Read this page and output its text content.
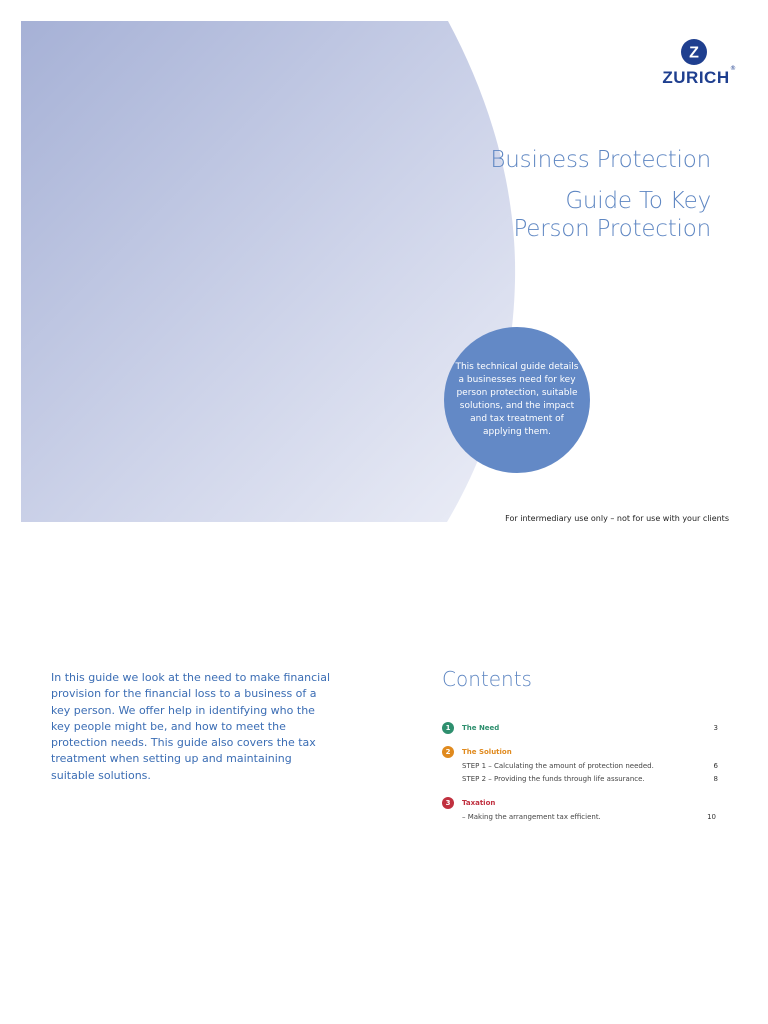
Business Protection
Guide To Key
Person Protection
This technical guide details a businesses need for key person protection, suitable solutions, and the impact and tax treatment of applying them.
Z
ZURICH ®
For intermediary use only – not for use with your clients
In this guide we look at the need to make financial provision for the financial loss to a business of a key person. We offer help in identifying who the key people might be, and how to meet the protection needs. This guide also covers the tax treatment when setting up and maintaining suitable solutions.
Contents
1	The Need	3
2	The Solution
STEP 1 – Calculating the amount of protection needed.	6
STEP 2 – Providing the funds through life assurance.	8
3	Taxation
– Making the arrangement tax efficient.	10
